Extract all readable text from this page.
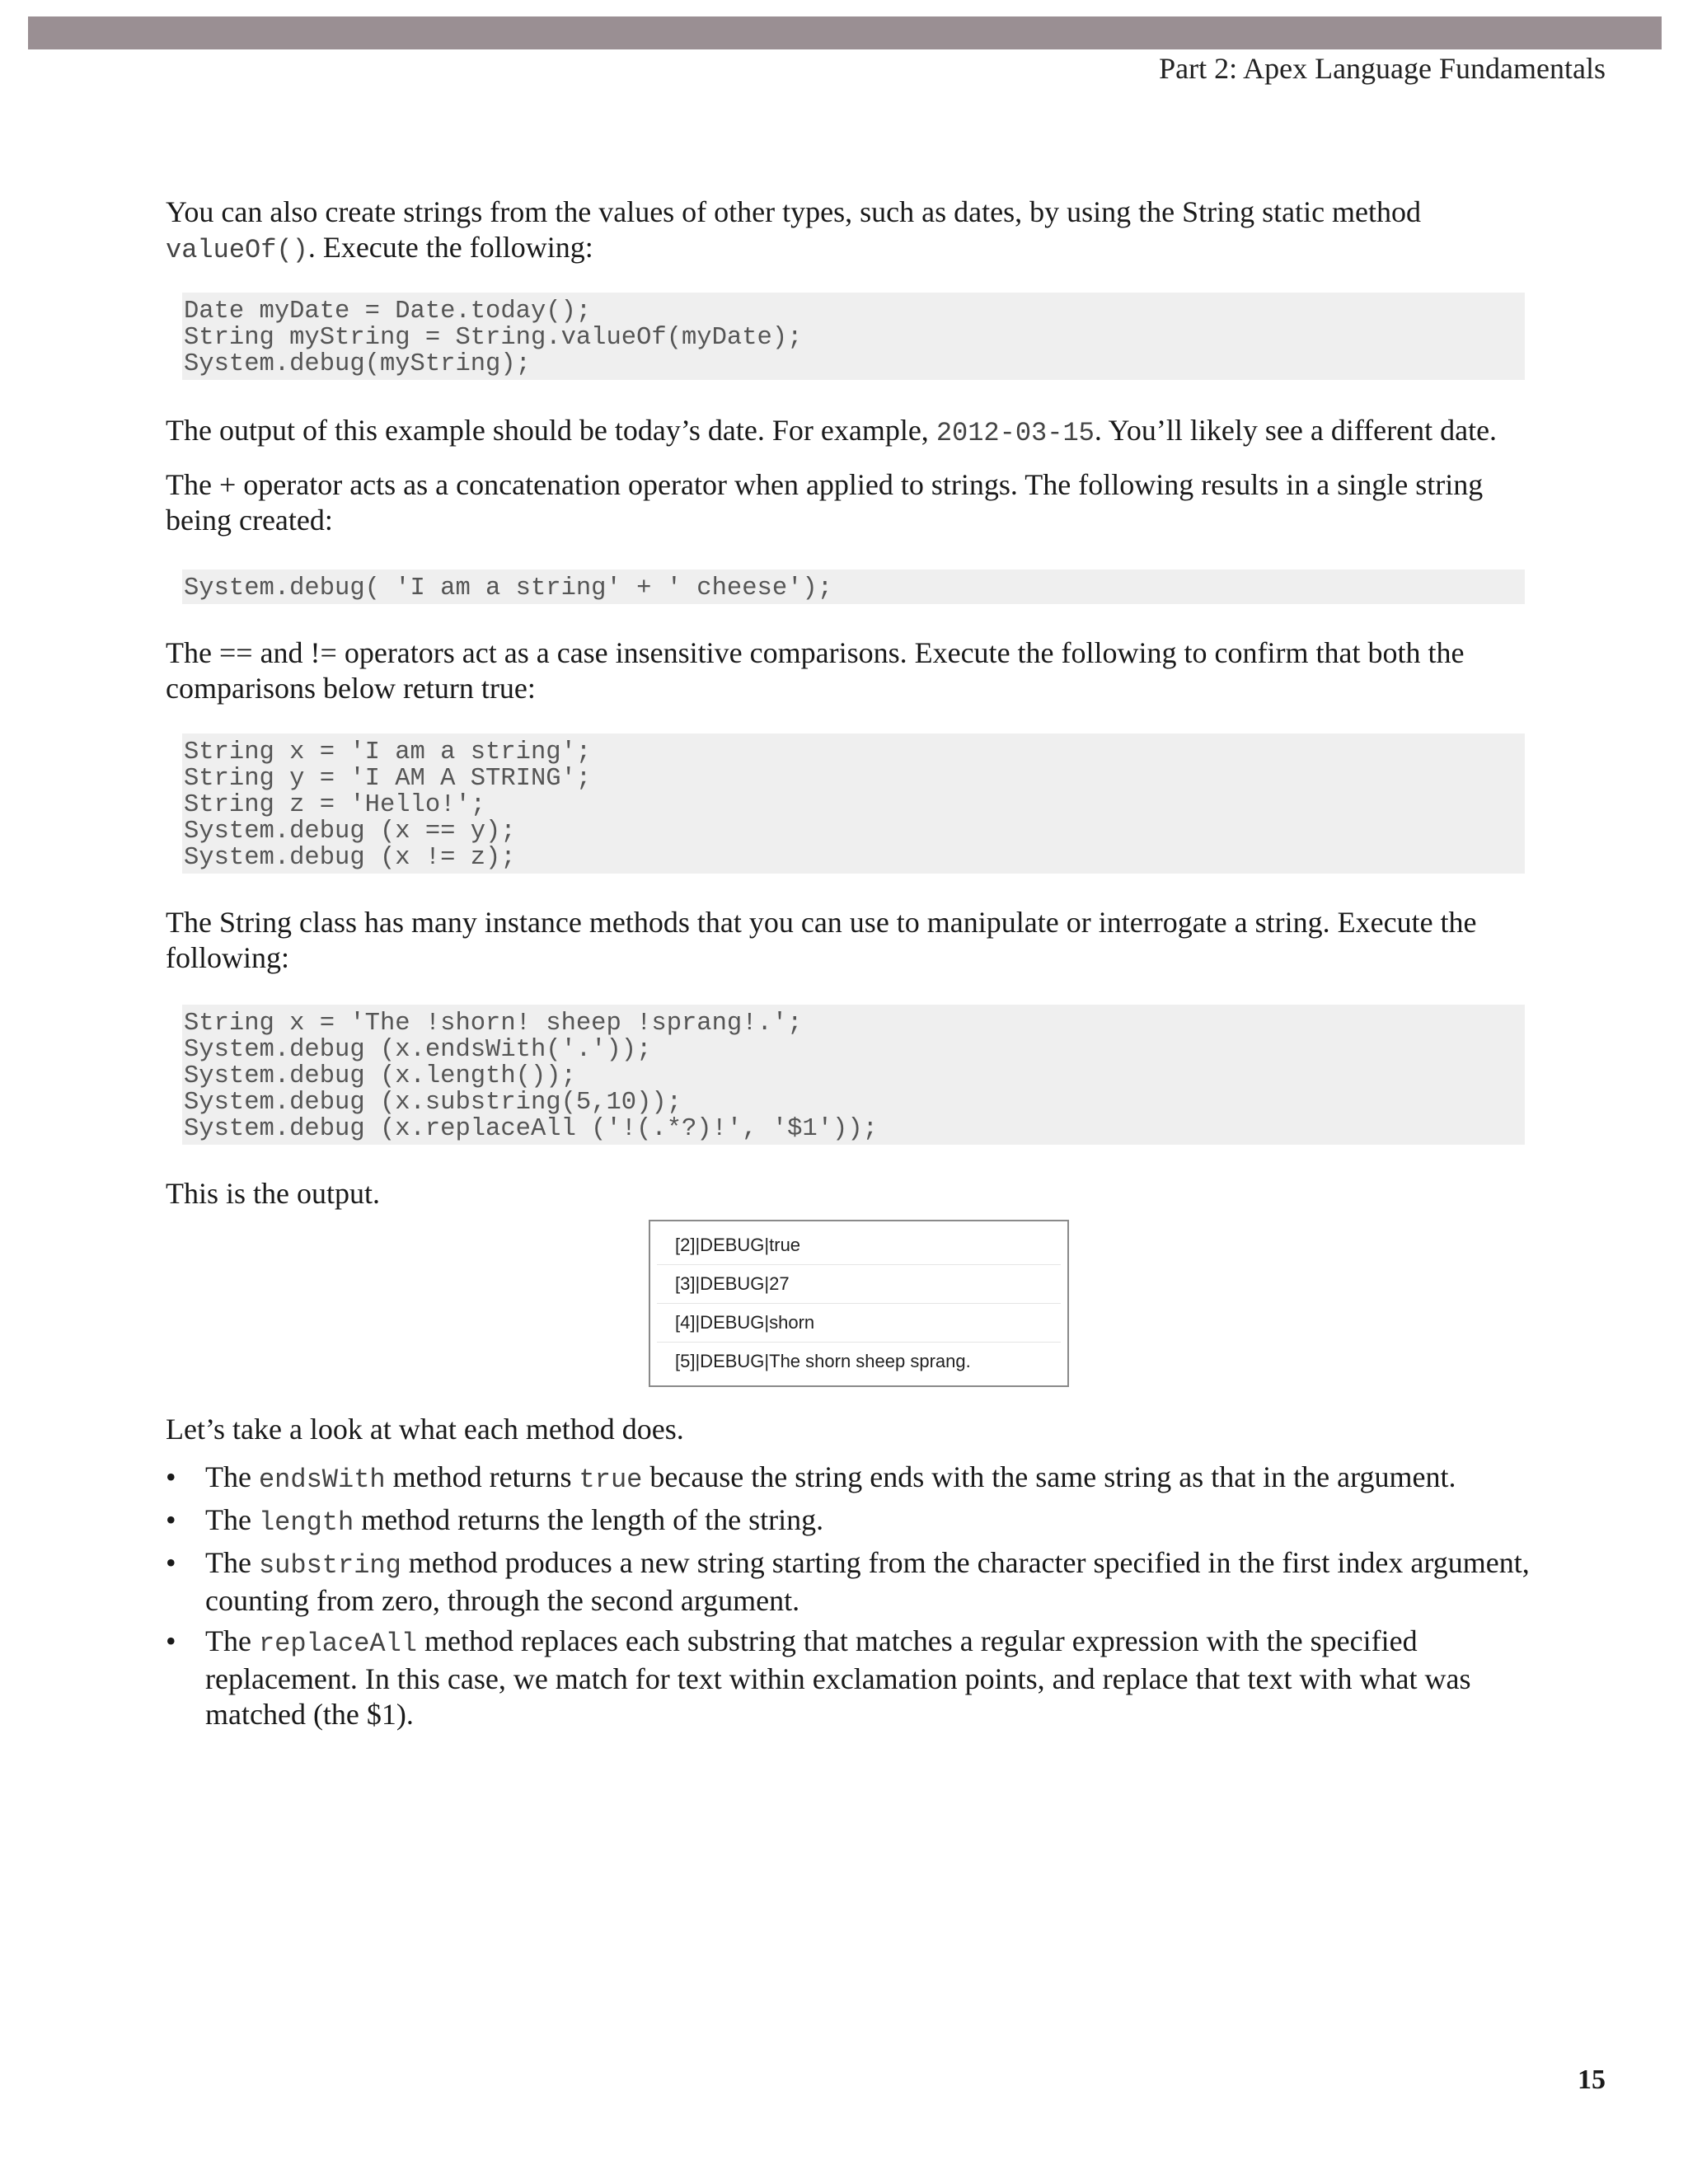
Part 2: Apex Language Fundamentals

You can also create strings from the values of other types, such as dates, by using the String static method valueOf(). Execute the following:

Date myDate = Date.today();
String myString = String.valueOf(myDate);
System.debug(myString);

The output of this example should be today’s date. For example, 2012-03-15. You’ll likely see a different date.

The + operator acts as a concatenation operator when applied to strings. The following results in a single string being created:

System.debug( 'I am a string' + ' cheese');

The == and != operators act as a case insensitive comparisons. Execute the following to confirm that both the comparisons below return true:

String x = 'I am a string';
String y = 'I AM A STRING';
String z = 'Hello!';
System.debug (x == y);
System.debug (x != z);

The String class has many instance methods that you can use to manipulate or interrogate a string. Execute the following:

String x = 'The !shorn! sheep !sprang!.';
System.debug (x.endsWith('.'));
System.debug (x.length());
System.debug (x.substring(5,10));
System.debug (x.replaceAll ('!(.*?)!', '$1'));

This is the output.

[2]|DEBUG|true
[3]|DEBUG|27
[4]|DEBUG|shorn
[5]|DEBUG|The shorn sheep sprang.

Let’s take a look at what each method does.

• The endsWith method returns true because the string ends with the same string as that in the argument.
• The length method returns the length of the string.
• The substring method produces a new string starting from the character specified in the first index argument, counting from zero, through the second argument.
• The replaceAll method replaces each substring that matches a regular expression with the specified replacement. In this case, we match for text within exclamation points, and replace that text with what was matched (the $1).
15
